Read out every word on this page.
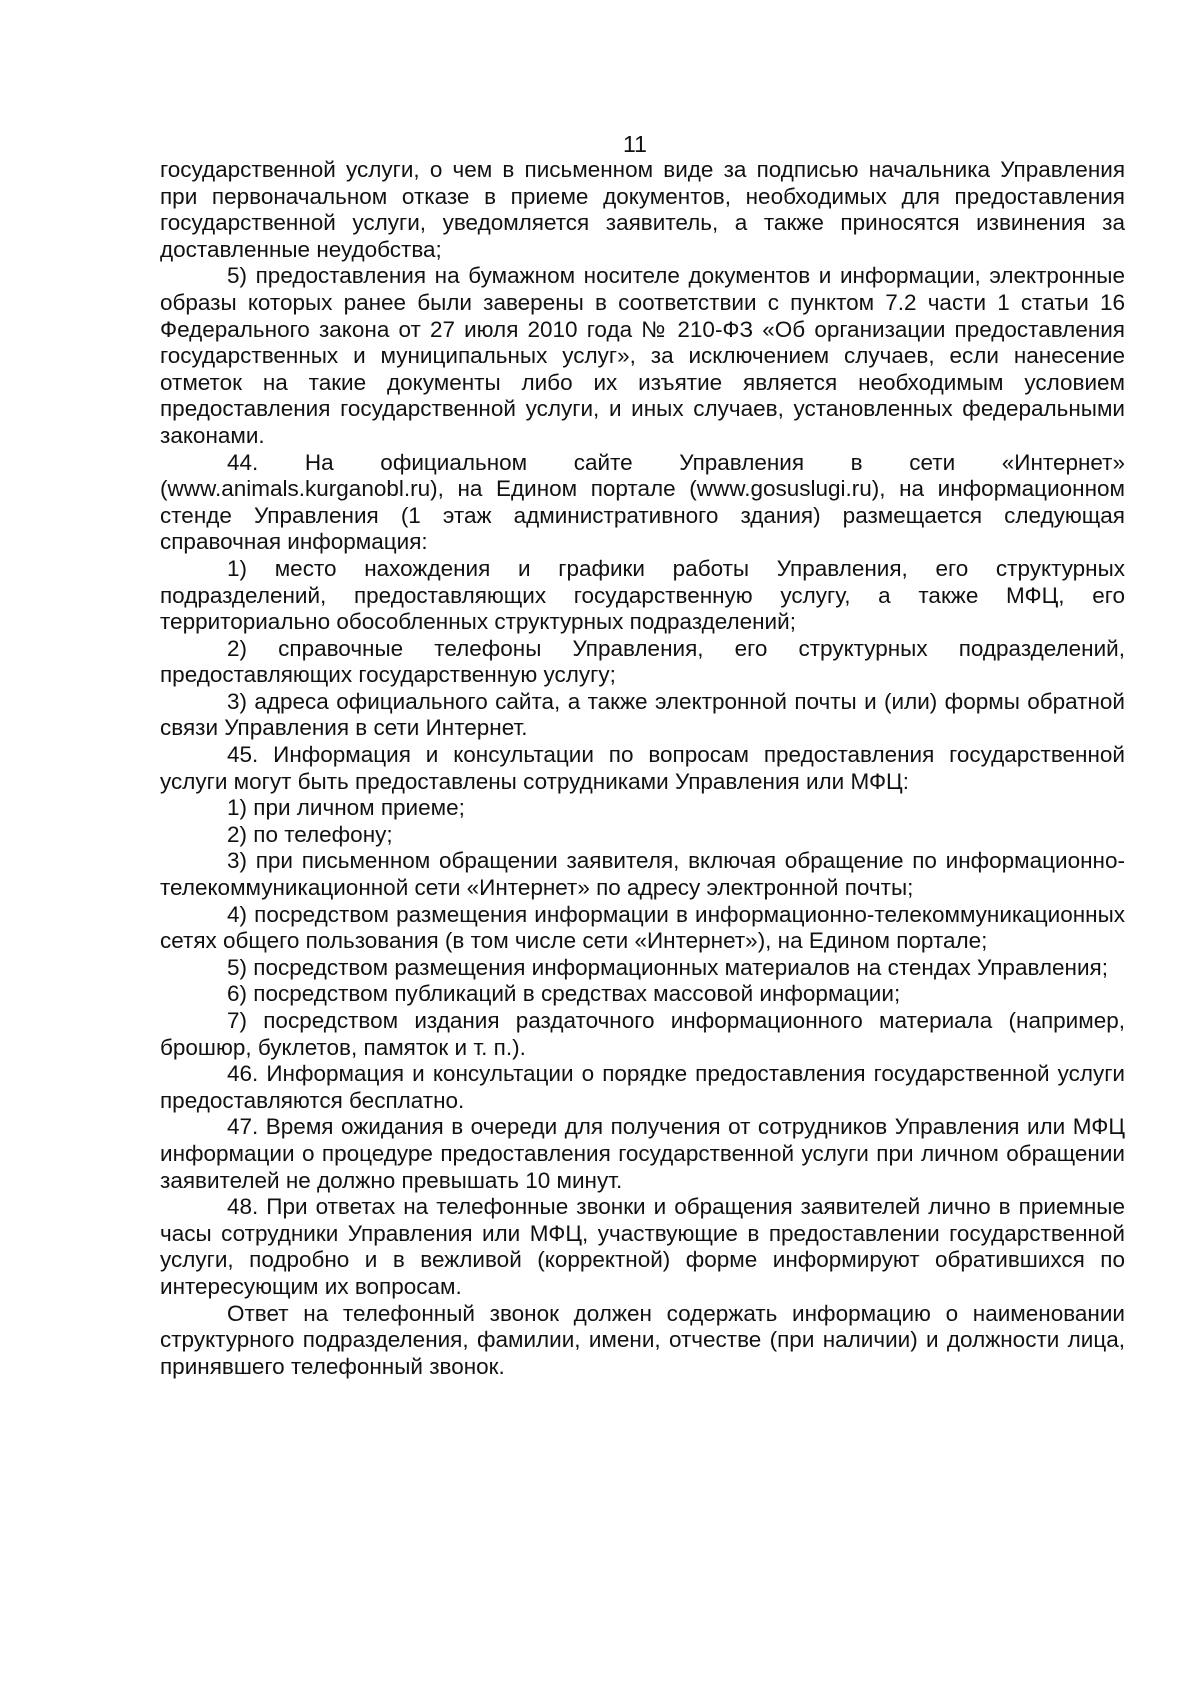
11

государственной услуги, о чем в письменном виде за подписью начальника Управления при первоначальном отказе в приеме документов, необходимых для предоставления государственной услуги, уведомляется заявитель, а также приносятся извинения за доставленные неудобства;

5) предоставления на бумажном носителе документов и информации, электронные образы которых ранее были заверены в соответствии с пунктом 7.2 части 1 статьи 16 Федерального закона от 27 июля 2010 года № 210-ФЗ «Об организации предоставления государственных и муниципальных услуг», за исключением случаев, если нанесение отметок на такие документы либо их изъятие является необходимым условием предоставления государственной услуги, и иных случаев, установленных федеральными законами.

44. На официальном сайте Управления в сети «Интернет» (www.animals.kurganobl.ru), на Едином портале (www.gosuslugi.ru), на информационном стенде Управления (1 этаж административного здания) размещается следующая справочная информация:

1) место нахождения и графики работы Управления, его структурных подразделений, предоставляющих государственную услугу, а также МФЦ, его территориально обособленных структурных подразделений;

2) справочные телефоны Управления, его структурных подразделений, предоставляющих государственную услугу;

3) адреса официального сайта, а также электронной почты и (или) формы обратной связи Управления в сети Интернет.

45. Информация и консультации по вопросам предоставления государственной услуги могут быть предоставлены сотрудниками Управления или МФЦ:

1) при личном приеме;

2) по телефону;

3) при письменном обращении заявителя, включая обращение по информационно-телекоммуникационной сети «Интернет» по адресу электронной почты;

4) посредством размещения информации в информационно-телекоммуникационных сетях общего пользования (в том числе сети «Интернет»), на Едином портале;

5) посредством размещения информационных материалов на стендах Управления;

6) посредством публикаций в средствах массовой информации;

7) посредством издания раздаточного информационного материала (например, брошюр, буклетов, памяток и т. п.).

46. Информация и консультации о порядке предоставления государственной услуги предоставляются бесплатно.

47. Время ожидания в очереди для получения от сотрудников Управления или МФЦ информации о процедуре предоставления государственной услуги при личном обращении заявителей не должно превышать 10 минут.

48. При ответах на телефонные звонки и обращения заявителей лично в приемные часы сотрудники Управления или МФЦ, участвующие в предоставлении государственной услуги, подробно и в вежливой (корректной) форме информируют обратившихся по интересующим их вопросам.

Ответ на телефонный звонок должен содержать информацию о наименовании структурного подразделения, фамилии, имени, отчестве (при наличии) и должности лица, принявшего телефонный звонок.
